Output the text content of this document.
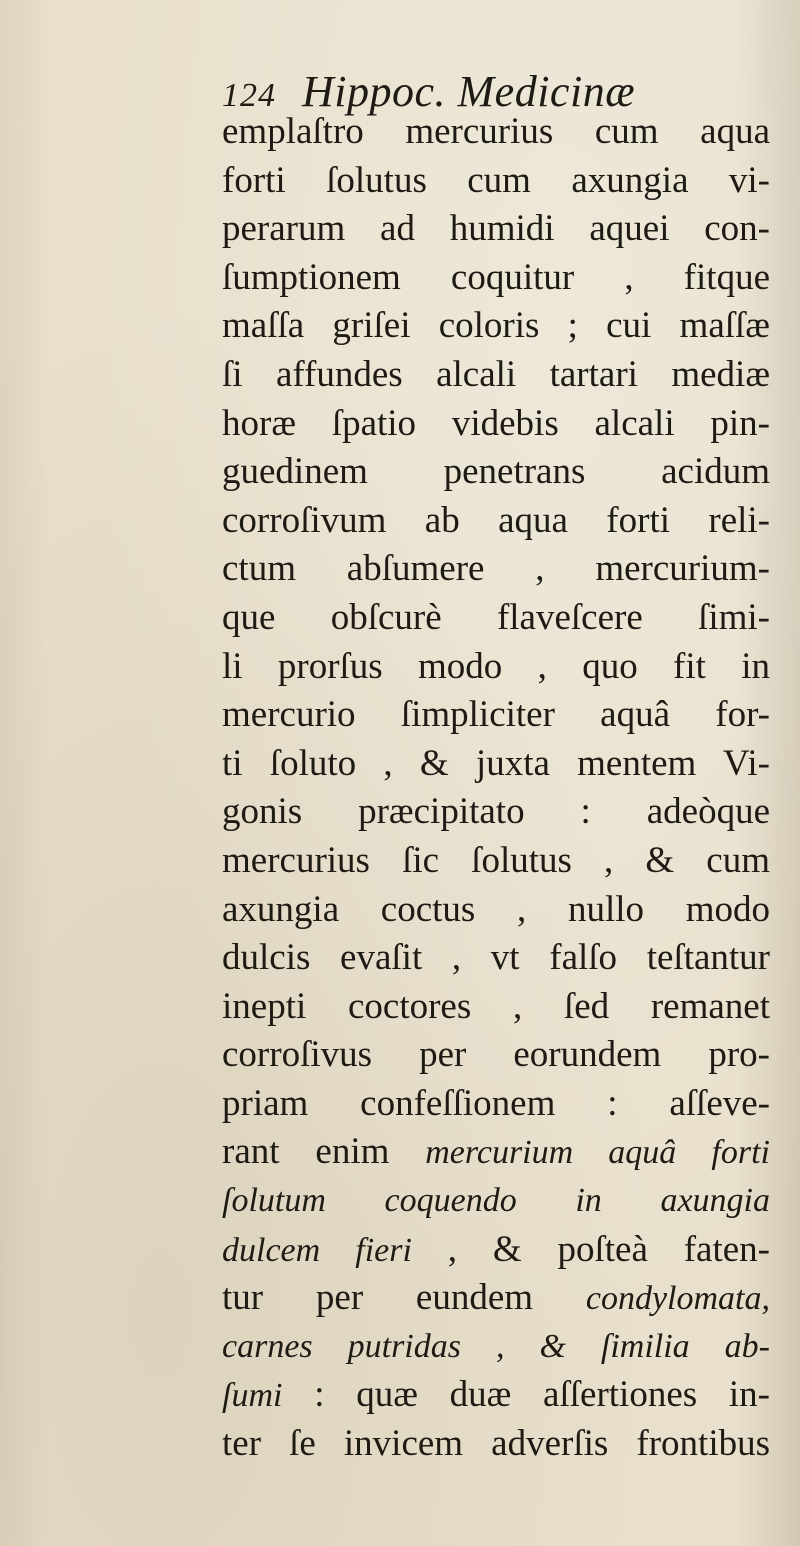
124 Hippoc. Medicinæ
emplaſtro mercurius cum aqua
forti ſolutus cum axungia vi-
perarum ad humidi aquei con-
ſumptionem coquitur , fitque
maſſa griſei coloris ; cui maſſæ
ſi affundes alcali tartari mediæ
horæ ſpatio videbis alcali pin-
guedinem penetrans acidum
corroſivum ab aqua forti reli-
ctum abſumere , mercurium-
que obſcurè flaveſcere ſimi-
li prorſus modo , quo fit in
mercurio ſimpliciter aquâ for-
ti ſoluto , & juxta mentem Vi-
gonis præcipitato : adeòque
mercurius ſic ſolutus , & cum
axungia coctus , nullo modo
dulcis evaſit , vt falſo teſtantur
inepti coctores , ſed remanet
corroſivus per eorundem pro-
priam confeſſionem : aſſeve-
rant enim mercurium aquâ forti
ſolutum coquendo in axungia
dulcem fieri , & poſteà faten-
tur per eundem condylomata,
carnes putridas , & ſimilia ab-
ſumi : quæ duæ aſſertiones in-
ter ſe invicem adverſis frontibus
